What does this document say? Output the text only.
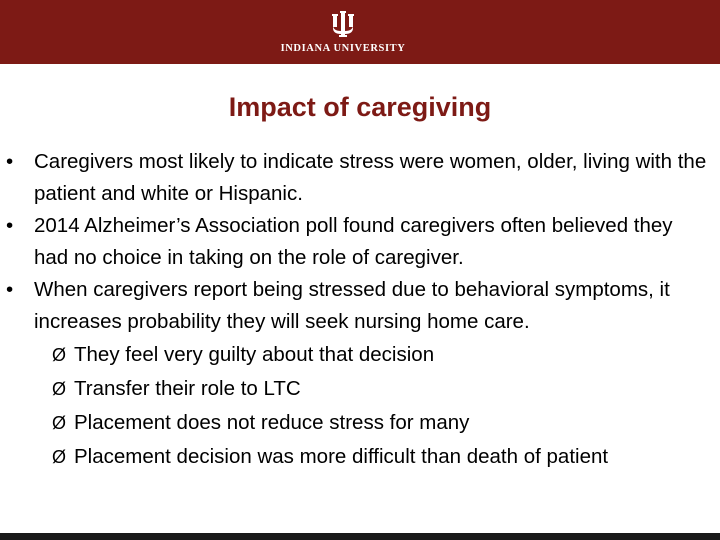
INDIANA UNIVERSITY
Impact of caregiving
• Caregivers most likely to indicate stress were women, older, living with the patient and white or Hispanic.
• 2014 Alzheimer’s Association poll found caregivers often believed they had no choice in taking on the role of caregiver.
• When caregivers report being stressed due to behavioral symptoms, it increases probability they will seek nursing home care.
Ø They feel very guilty about that decision
Ø Transfer their role to LTC
Ø Placement does not reduce stress for many
Ø Placement decision was more difficult than death of patient
